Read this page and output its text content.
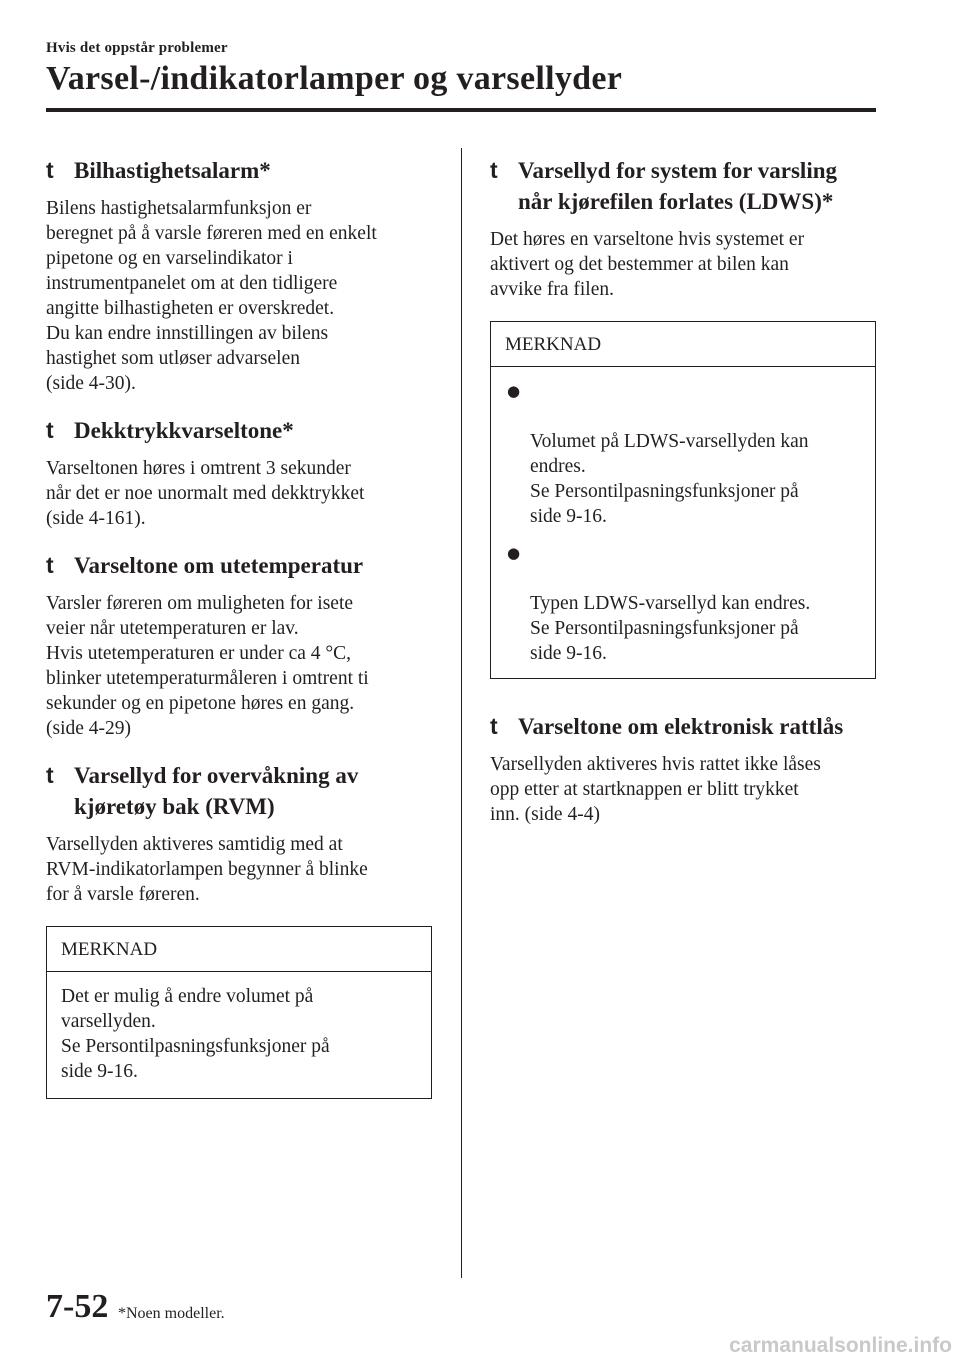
Hvis det oppstår problemer
Varsel-/indikatorlamper og varsellyder
t Bilhastighetsalarm*

Bilens hastighetsalarmfunksjon er
beregnet på å varsle føreren med en enkelt
pipetone og en varselindikator i
instrumentpanelet om at den tidligere
angitte bilhastigheten er overskredet.
Du kan endre innstillingen av bilens
hastighet som utløser advarselen
(side 4-30).

t Dekktrykkvarseltone*

Varseltonen høres i omtrent 3 sekunder
når det er noe unormalt med dekktrykket
(side 4-161).

t Varseltone om utetemperatur

Varsler føreren om muligheten for isete
veier når utetemperaturen er lav.
Hvis utetemperaturen er under ca 4 °C,
blinker utetemperaturmåleren i omtrent ti
sekunder og en pipetone høres en gang.
(side 4-29)

t Varsellyd for overvåkning av
kjøretøy bak (RVM)

Varsellyden aktiveres samtidig med at
RVM-indikatorlampen begynner å blinke
for å varsle føreren.

MERKNAD
Det er mulig å endre volumet på
varsellyden.
Se Persontilpasningsfunksjoner på
side 9-16.
t Varsellyd for system for varsling
når kjørefilen forlates (LDWS)*

Det høres en varseltone hvis systemet er
aktivert og det bestemmer at bilen kan
avvike fra filen.

MERKNAD

●

Volumet på LDWS-varsellyden kan
endres.
Se Persontilpasningsfunksjoner på
side 9-16.

●

Typen LDWS-varsellyd kan endres.
Se Persontilpasningsfunksjoner på
side 9-16.

t Varseltone om elektronisk rattlås

Varsellyden aktiveres hvis rattet ikke låses
opp etter at startknappen er blitt trykket
inn. (side 4-4)

7-52 *Noen modeller.
carmanualsonline.info
